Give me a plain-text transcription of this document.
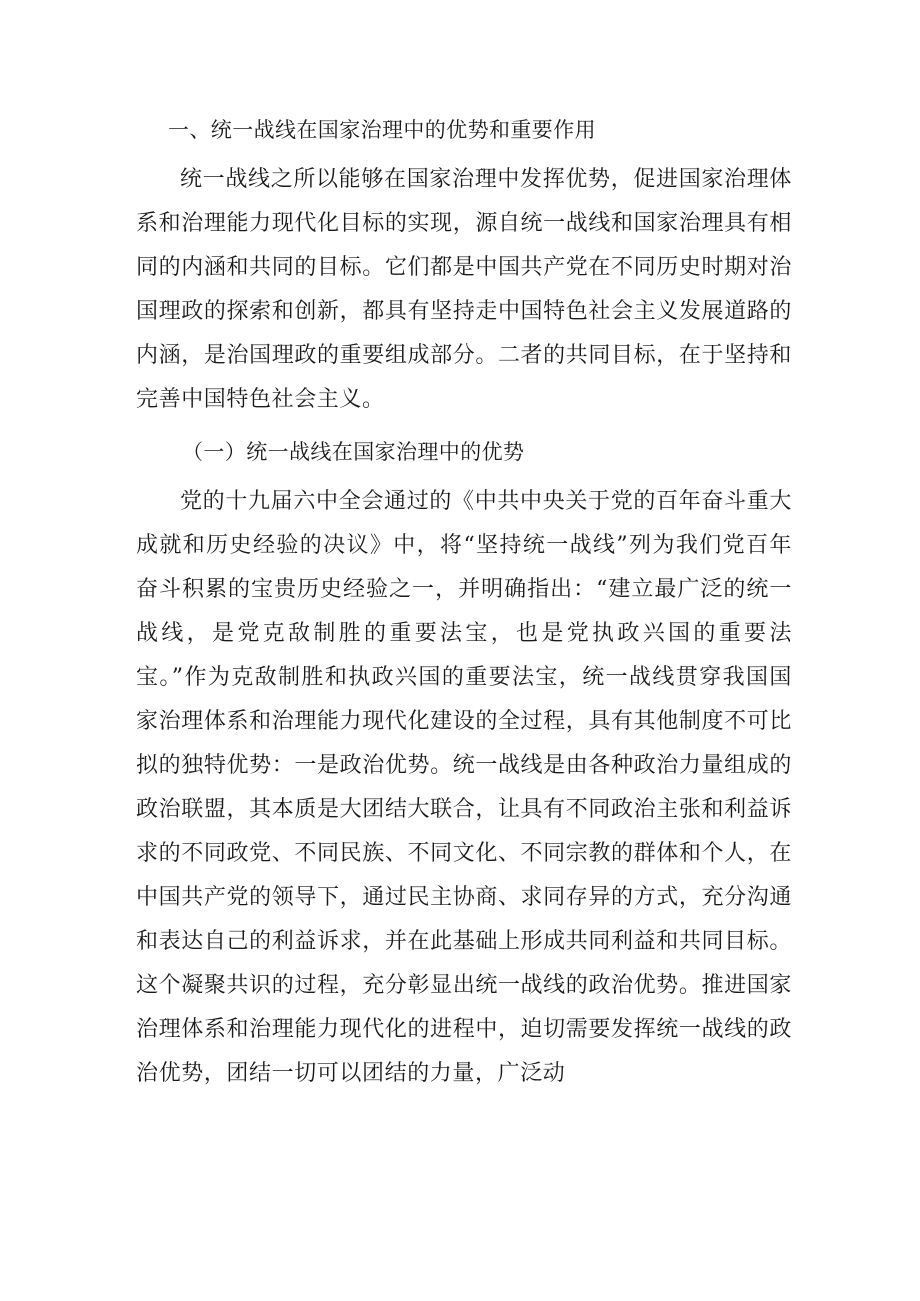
一、统一战线在国家治理中的优势和重要作用

统一战线之所以能够在国家治理中发挥优势，促进国家治理体系和治理能力现代化目标的实现，源自统一战线和国家治理具有相同的内涵和共同的目标。它们都是中国共产党在不同历史时期对治国理政的探索和创新，都具有坚持走中国特色社会主义发展道路的内涵，是治国理政的重要组成部分。二者的共同目标，在于坚持和完善中国特色社会主义。

（一）统一战线在国家治理中的优势

党的十九届六中全会通过的《中共中央关于党的百年奋斗重大成就和历史经验的决议》中，将“坚持统一战线”列为我们党百年奋斗积累的宝贵历史经验之一，并明确指出：“建立最广泛的统一战线，是党克敌制胜的重要法宝，也是党执政兴国的重要法宝。”作为克敌制胜和执政兴国的重要法宝，统一战线贯穿我国国家治理体系和治理能力现代化建设的全过程，具有其他制度不可比拟的独特优势：一是政治优势。统一战线是由各种政治力量组成的政治联盟，其本质是大团结大联合，让具有不同政治主张和利益诉求的不同政党、不同民族、不同文化、不同宗教的群体和个人，在中国共产党的领导下，通过民主协商、求同存异的方式，充分沟通和表达自己的利益诉求，并在此基础上形成共同利益和共同目标。这个凝聚共识的过程，充分彰显出统一战线的政治优势。推进国家治理体系和治理能力现代化的进程中，迫切需要发挥统一战线的政治优势，团结一切可以团结的力量，广泛动
